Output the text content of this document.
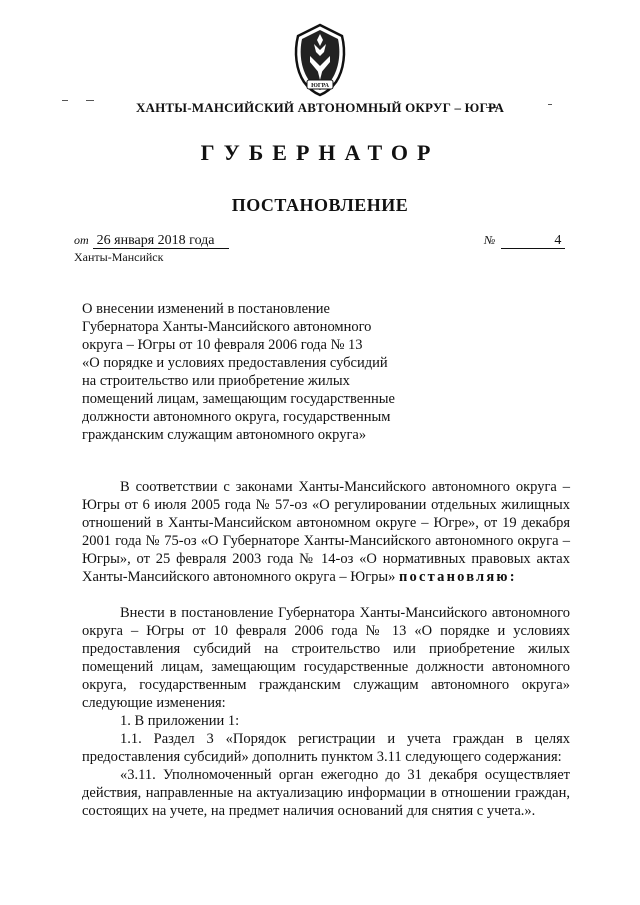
ЮГРА
ХАНТЫ-МАНСИЙСКИЙ АВТОНОМНЫЙ ОКРУГ – ЮГРА
ГУБЕРНАТОР
ПОСТАНОВЛЕНИЕ
от 26 января 2018 года	№	4
Ханты-Мансийск
О внесении изменений в постановление
Губернатора Ханты-Мансийского автономного
округа – Югры от 10 февраля 2006 года № 13
«О порядке и условиях предоставления субсидий
на строительство или приобретение жилых
помещений лицам, замещающим государственные
должности автономного округа, государственным
гражданским служащим автономного округа»
В соответствии с законами Ханты-Мансийского автономного округа – Югры от 6 июля 2005 года № 57-оз «О регулировании отдельных жилищных отношений в Ханты-Мансийском автономном округе – Югре», от 19 декабря 2001 года № 75-оз «О Губернаторе Ханты-Мансийского автономного округа – Югры», от 25 февраля 2003 года № 14-оз «О нормативных правовых актах Ханты-Мансийского автономного округа – Югры» постановляю:
Внести в постановление Губернатора Ханты-Мансийского автономного округа – Югры от 10 февраля 2006 года № 13 «О порядке и условиях предоставления субсидий на строительство или приобретение жилых помещений лицам, замещающим государственные должности автономного округа, государственным гражданским служащим автономного округа» следующие изменения:
1. В приложении 1:
1.1. Раздел 3 «Порядок регистрации и учета граждан в целях предоставления субсидий» дополнить пунктом 3.11 следующего содержания:
«3.11. Уполномоченный орган ежегодно до 31 декабря осуществляет действия, направленные на актуализацию информации в отношении граждан, состоящих на учете, на предмет наличия оснований для снятия с учета.».
